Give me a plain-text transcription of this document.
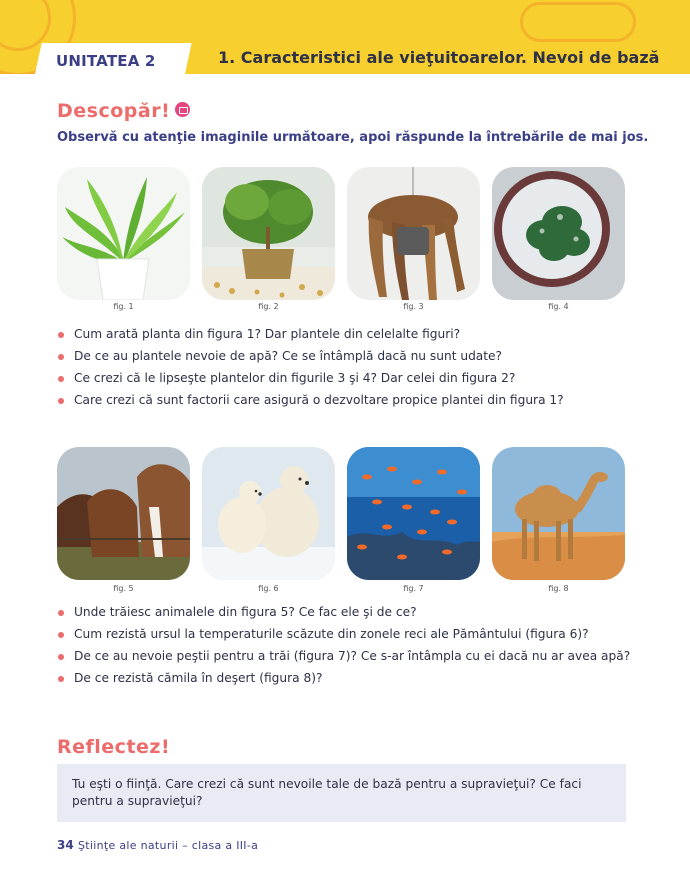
UNITATEA 2	1. Caracteristici ale vieţuitoarelor. Nevoi de bază
Descopăr!
Observă cu atenţie imaginile următoare, apoi răspunde la întrebările de mai jos.
fig. 1	fig. 2	fig. 3	fig. 4
Cum arată planta din figura 1? Dar plantele din celelalte figuri?
De ce au plantele nevoie de apă? Ce se întâmplă dacă nu sunt udate?
Ce crezi că le lipseşte plantelor din figurile 3 şi 4? Dar celei din figura 2?
Care crezi că sunt factorii care asigură o dezvoltare propice plantei din figura 1?
fig. 5	fig. 6	fig. 7	fig. 8
Unde trăiesc animalele din figura 5? Ce fac ele şi de ce?
Cum rezistă ursul la temperaturile scăzute din zonele reci ale Pământului (figura 6)?
De ce au nevoie peştii pentru a trăi (figura 7)? Ce s-ar întâmpla cu ei dacă nu ar avea apă?
De ce rezistă cămila în deşert (figura 8)?
Reflectez!
Tu eşti o fiinţă. Care crezi că sunt nevoile tale de bază pentru a supravieţui? Ce faci pentru a supravieţui?
34 Ştiinţe ale naturii – clasa a III-a
